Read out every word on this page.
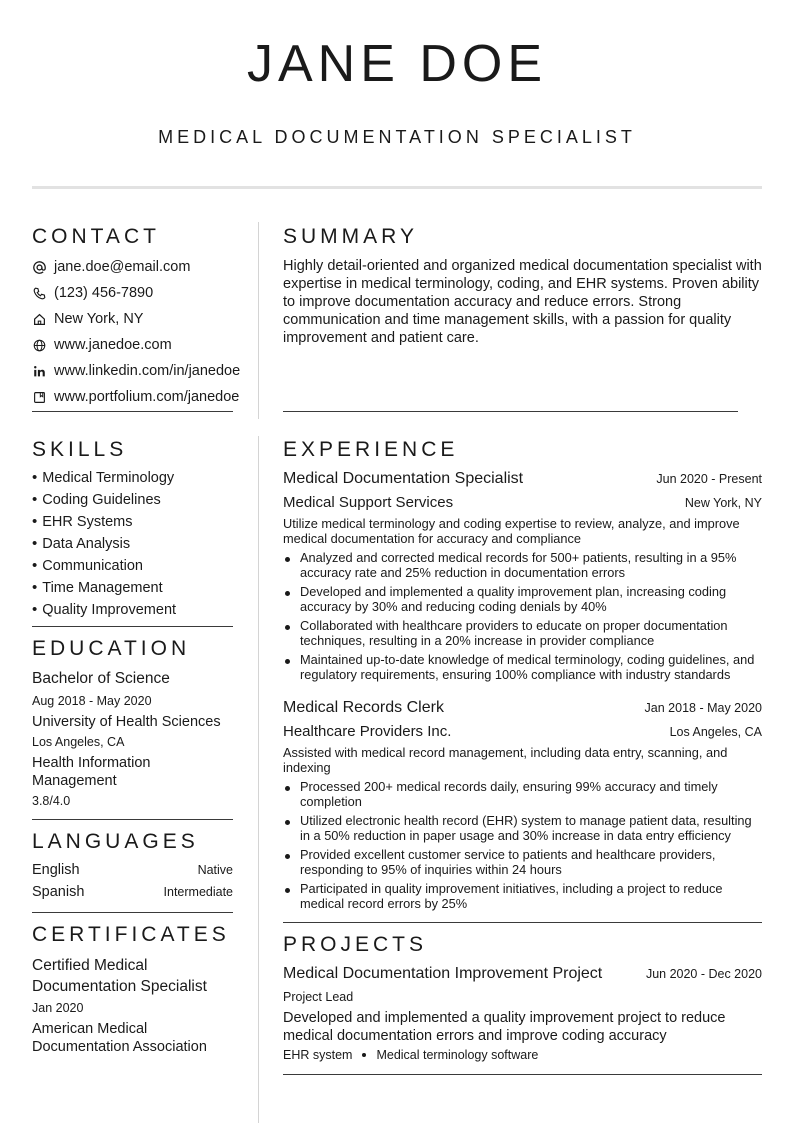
JANE DOE
MEDICAL DOCUMENTATION SPECIALIST
CONTACT
jane.doe@email.com
(123) 456-7890
New York, NY
www.janedoe.com
www.linkedin.com/in/janedoe
www.portfolium.com/janedoe
SUMMARY

Highly detail-oriented and organized medical documentation specialist with expertise in medical terminology, coding, and EHR systems. Proven ability to improve documentation accuracy and reduce errors. Strong communication and time management skills, with a passion for quality improvement and patient care.

SKILLS
• Medical Terminology
• Coding Guidelines
• EHR Systems
• Data Analysis
• Communication
• Time Management
• Quality Improvement
EDUCATION
Bachelor of Science
Aug 2018 - May 2020
University of Health Sciences
Los Angeles, CA
Health Information Management
3.8/4.0
LANGUAGES
English	Native
Spanish	Intermediate
CERTIFICATES
Certified Medical Documentation Specialist
Jan 2020
American Medical Documentation Association
EXPERIENCE
Medical Documentation Specialist	Jun 2020 - Present
Medical Support Services	New York, NY

Utilize medical terminology and coding expertise to review, analyze, and improve medical documentation for accuracy and compliance

Analyzed and corrected medical records for 500+ patients, resulting in a 95% accuracy rate and 25% reduction in documentation errors
Developed and implemented a quality improvement plan, increasing coding accuracy by 30% and reducing coding denials by 40%
Collaborated with healthcare providers to educate on proper documentation techniques, resulting in a 20% increase in provider compliance
Maintained up-to-date knowledge of medical terminology, coding guidelines, and regulatory requirements, ensuring 100% compliance with industry standards
Medical Records Clerk	Jan 2018 - May 2020
Healthcare Providers Inc.	Los Angeles, CA

Assisted with medical record management, including data entry, scanning, and indexing

Processed 200+ medical records daily, ensuring 99% accuracy and timely completion
Utilized electronic health record (EHR) system to manage patient data, resulting in a 50% reduction in paper usage and 30% increase in data entry efficiency
Provided excellent customer service to patients and healthcare providers, responding to 95% of inquiries within 24 hours
Participated in quality improvement initiatives, including a project to reduce medical record errors by 25%
PROJECTS
Medical Documentation Improvement Project	Jun 2020 - Dec 2020
Project Lead

Developed and implemented a quality improvement project to reduce medical documentation errors and improve coding accuracy

EHR system Medical terminology software
